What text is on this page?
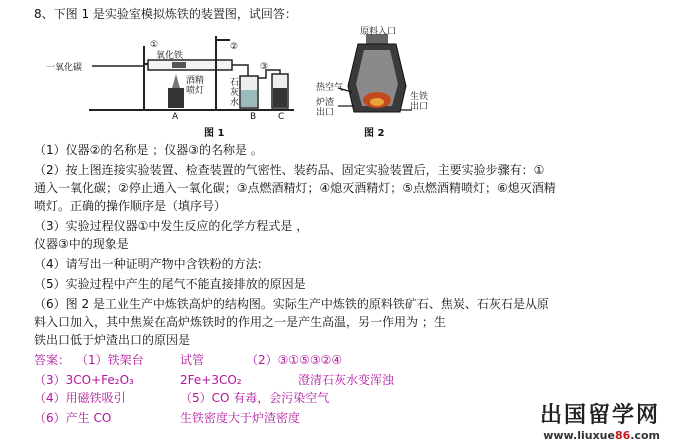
8、下图 1 是实验室模拟炼铁的装置图，试回答：
一氧化碳
①	②
③
氧化铁
酒精喷灯
石灰水
A	B C
图 1
原料入口
热空气
炉渣出口
生铁出口
图 2
（1）仪器②的名称是 ；仪器③的名称是 。
（2）按上图连接实验装置、检查装置的气密性、装药品、固定实验装置后，主要实验步骤有：①
通入一氧化碳；②停止通入一氧化碳；③点燃酒精灯；④熄灭酒精灯；⑤点燃酒精喷灯；⑥熄灭酒精
喷灯。正确的操作顺序是（填序号）
（3）实验过程仪器①中发生反应的化学方程式是 ，
仪器③中的现象是
（4）请写出一种证明产物中含铁粉的方法:
（5）实验过程中产生的尾气不能直接排放的原因是
（6）图 2 是工业生产中炼铁高炉的结构图。实际生产中炼铁的原料铁矿石、焦炭、石灰石是从原
料入口加入，其中焦炭在高炉炼铁时的作用之一是产生高温，另一作用为 ；生
铁出口低于炉渣出口的原因是
答案： （1）铁架台	试管	（2）③①⑤③②④
（3）3CO+Fe₂O₃	2Fe+3CO₂	澄清石灰水变浑浊
（4）用磁铁吸引	（5）CO 有毒，会污染空气
（6）产生 CO	生铁密度大于炉渣密度	出国留学网
www.liuxue86.com
